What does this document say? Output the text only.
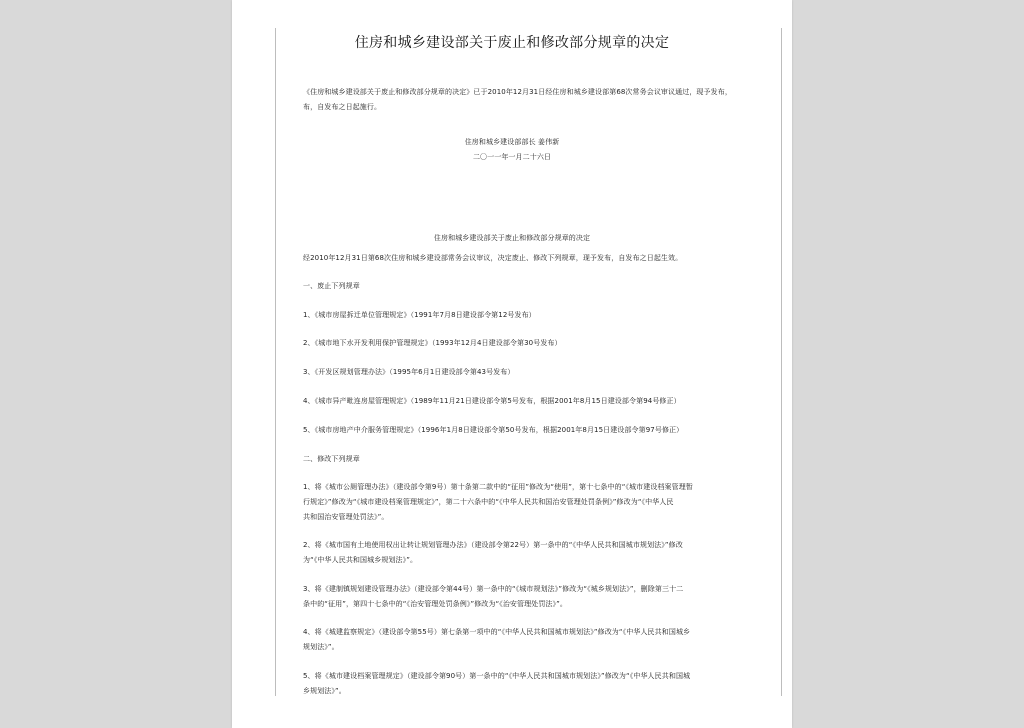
住房和城乡建设部关于废止和修改部分规章的决定
《住房和城乡建设部关于废止和修改部分规章的决定》已于2010年12月31日经住房和城乡建设部第68次常务会议审议通过，现予发布，
布，自发布之日起施行。
住房和城乡建设部部长 姜伟新
二〇一一年一月二十六日
住房和城乡建设部关于废止和修改部分规章的决定
经2010年12月31日第68次住房和城乡建设部常务会议审议，决定废止、修改下列规章，现予发布，自发布之日起生效。
一、废止下列规章
1、《城市房屋拆迁单位管理规定》（1991年7月8日建设部令第12号发布）
2、《城市地下水开发利用保护管理规定》（1993年12月4日建设部令第30号发布）
3、《开发区规划管理办法》（1995年6月1日建设部令第43号发布）
4、《城市异产毗连房屋管理规定》（1989年11月21日建设部令第5号发布，根据2001年8月15日建设部令第94号修正）
5、《城市房地产中介服务管理规定》（1996年1月8日建设部令第50号发布，根据2001年8月15日建设部令第97号修正）
二、修改下列规章
1、将《城市公厕管理办法》（建设部令第9号）第十条第二款中的“征用”修改为“使用”，第十七条中的“《城市建设档案管理暂
行规定》”修改为“《城市建设档案管理规定》”，第二十六条中的“《中华人民共和国治安管理处罚条例》”修改为“《中华人民
共和国治安管理处罚法》”。
2、将《城市国有土地使用权出让转让规划管理办法》（建设部令第22号）第一条中的“《中华人民共和国城市规划法》”修改
为“《中华人民共和国城乡规划法》”。
3、将《建制镇规划建设管理办法》（建设部令第44号）第一条中的“《城市规划法》”修改为“《城乡规划法》”，删除第三十二
条中的“征用”，第四十七条中的“《治安管理处罚条例》”修改为“《治安管理处罚法》”。
4、将《城建监察规定》（建设部令第55号）第七条第一项中的“《中华人民共和国城市规划法》”修改为“《中华人民共和国城乡
规划法》”。
5、将《城市建设档案管理规定》（建设部令第90号）第一条中的“《中华人民共和国城市规划法》”修改为“《中华人民共和国城
乡规划法》”。
